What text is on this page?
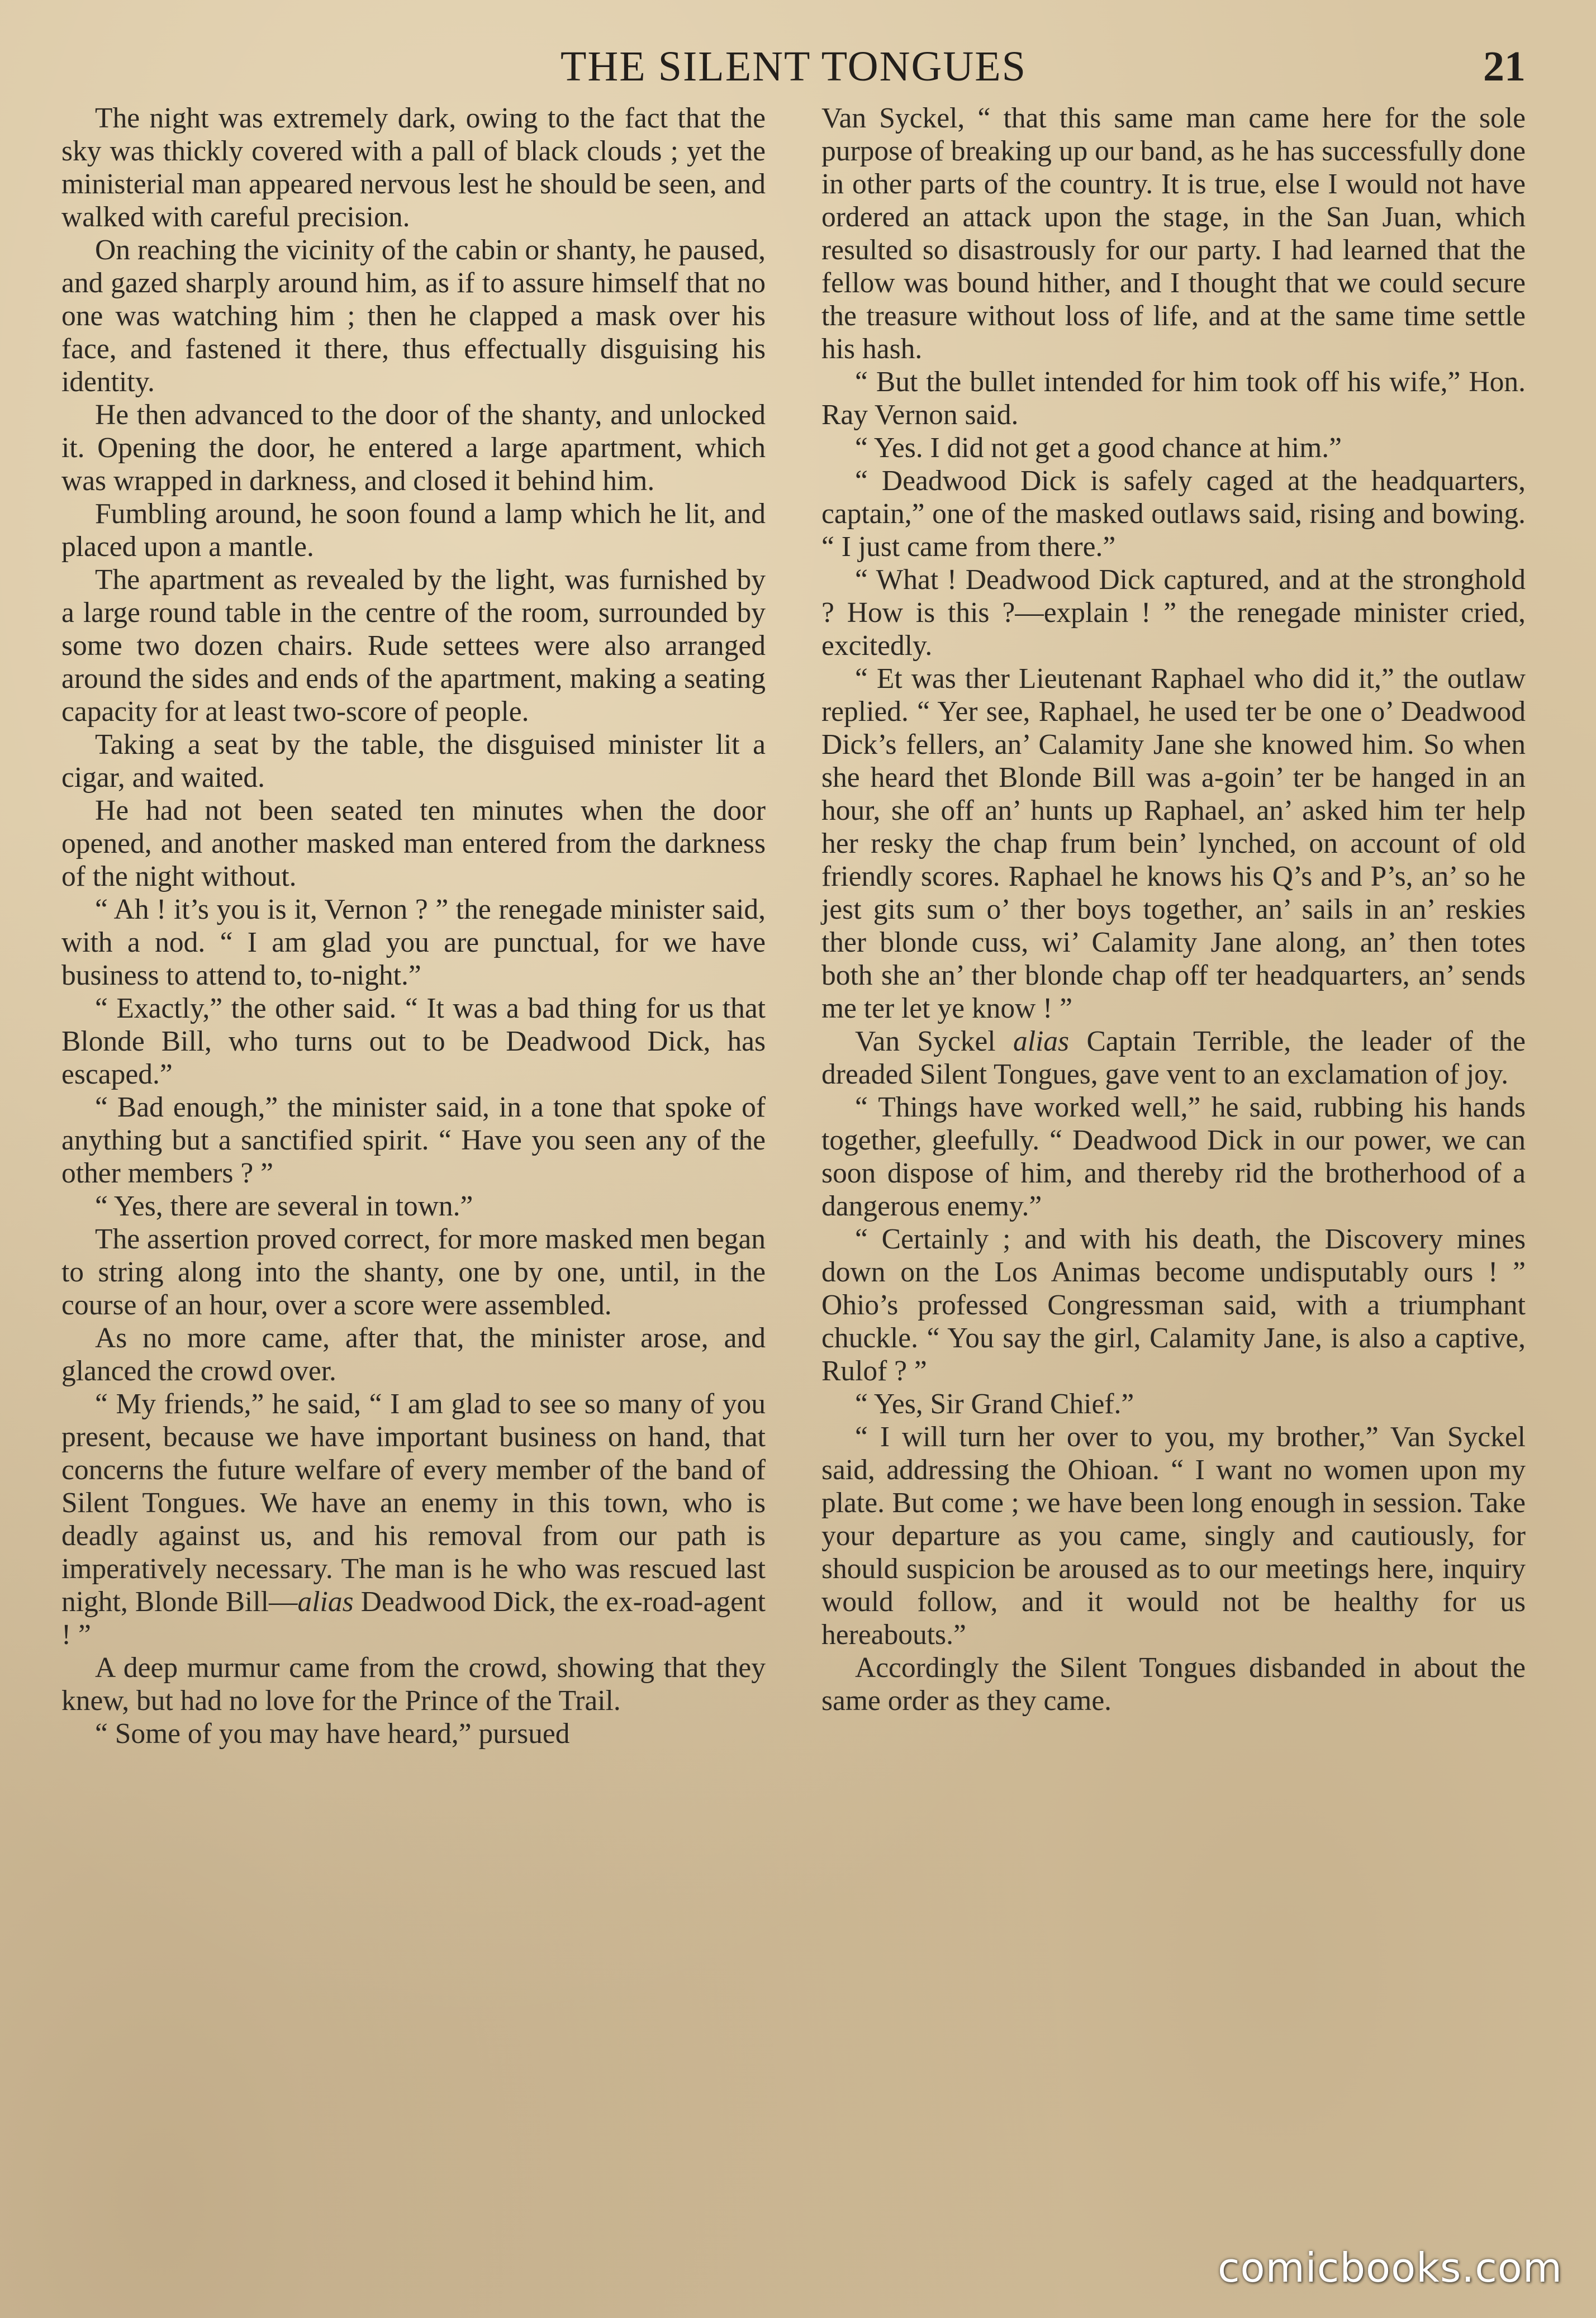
THE SILENT TONGUES	21

The night was extremely dark, owing to the fact that the sky was thickly covered with a pall of black clouds ; yet the ministerial man appeared nervous lest he should be seen, and walked with careful precision.

On reaching the vicinity of the cabin or shanty, he paused, and gazed sharply around him, as if to assure himself that no one was watching him ; then he clapped a mask over his face, and fastened it there, thus effectually disguising his identity.

He then advanced to the door of the shanty, and unlocked it. Opening the door, he entered a large apartment, which was wrapped in darkness, and closed it behind him.

Fumbling around, he soon found a lamp which he lit, and placed upon a mantle.

The apartment as revealed by the light, was furnished by a large round table in the centre of the room, surrounded by some two dozen chairs. Rude settees were also arranged around the sides and ends of the apartment, making a seating capacity for at least two-score of people.

Taking a seat by the table, the disguised minister lit a cigar, and waited.

He had not been seated ten minutes when the door opened, and another masked man entered from the darkness of the night without.

“ Ah ! it’s you is it, Vernon ? ” the renegade minister said, with a nod. “ I am glad you are punctual, for we have business to attend to, to-night.”

“ Exactly,” the other said. “ It was a bad thing for us that Blonde Bill, who turns out to be Deadwood Dick, has escaped.”

“ Bad enough,” the minister said, in a tone that spoke of anything but a sanctified spirit. “ Have you seen any of the other members ? ”

“ Yes, there are several in town.”

The assertion proved correct, for more masked men began to string along into the shanty, one by one, until, in the course of an hour, over a score were assembled.

As no more came, after that, the minister arose, and glanced the crowd over.

“ My friends,” he said, “ I am glad to see so many of you present, because we have important business on hand, that concerns the future welfare of every member of the band of Silent Tongues. We have an enemy in this town, who is deadly against us, and his removal from our path is imperatively necessary. The man is he who was rescued last night, Blonde Bill—alias Deadwood Dick, the ex-road-agent ! ”

A deep murmur came from the crowd, showing that they knew, but had no love for the Prince of the Trail.

“ Some of you may have heard,” pursued

Van Syckel, “ that this same man came here for the sole purpose of breaking up our band, as he has successfully done in other parts of the country. It is true, else I would not have ordered an attack upon the stage, in the San Juan, which resulted so disastrously for our party. I had learned that the fellow was bound hither, and I thought that we could secure the treasure without loss of life, and at the same time settle his hash.

“ But the bullet intended for him took off his wife,” Hon. Ray Vernon said.

“ Yes. I did not get a good chance at him.”

“ Deadwood Dick is safely caged at the headquarters, captain,” one of the masked outlaws said, rising and bowing. “ I just came from there.”

“ What ! Deadwood Dick captured, and at the stronghold ? How is this ?—explain ! ” the renegade minister cried, excitedly.

“ Et was ther Lieutenant Raphael who did it,” the outlaw replied. “ Yer see, Raphael, he used ter be one o’ Deadwood Dick’s fellers, an’ Calamity Jane she knowed him. So when she heard thet Blonde Bill was a-goin’ ter be hanged in an hour, she off an’ hunts up Raphael, an’ asked him ter help her resky the chap frum bein’ lynched, on account of old friendly scores. Raphael he knows his Q’s and P’s, an’ so he jest gits sum o’ ther boys together, an’ sails in an’ reskies ther blonde cuss, wi’ Calamity Jane along, an’ then totes both she an’ ther blonde chap off ter headquarters, an’ sends me ter let ye know ! ”

Van Syckel alias Captain Terrible, the leader of the dreaded Silent Tongues, gave vent to an exclamation of joy.

“ Things have worked well,” he said, rubbing his hands together, gleefully. “ Deadwood Dick in our power, we can soon dispose of him, and thereby rid the brotherhood of a dangerous enemy.”

“ Certainly ; and with his death, the Discovery mines down on the Los Animas become undisputably ours ! ” Ohio’s professed Congressman said, with a triumphant chuckle. “ You say the girl, Calamity Jane, is also a captive, Rulof ? ”

“ Yes, Sir Grand Chief.”

“ I will turn her over to you, my brother,” Van Syckel said, addressing the Ohioan. “ I want no women upon my plate. But come ; we have been long enough in session. Take your departure as you came, singly and cautiously, for should suspicion be aroused as to our meetings here, inquiry would follow, and it would not be healthy for us hereabouts.”

Accordingly the Silent Tongues disbanded in about the same order as they came.

comicbooks.com
